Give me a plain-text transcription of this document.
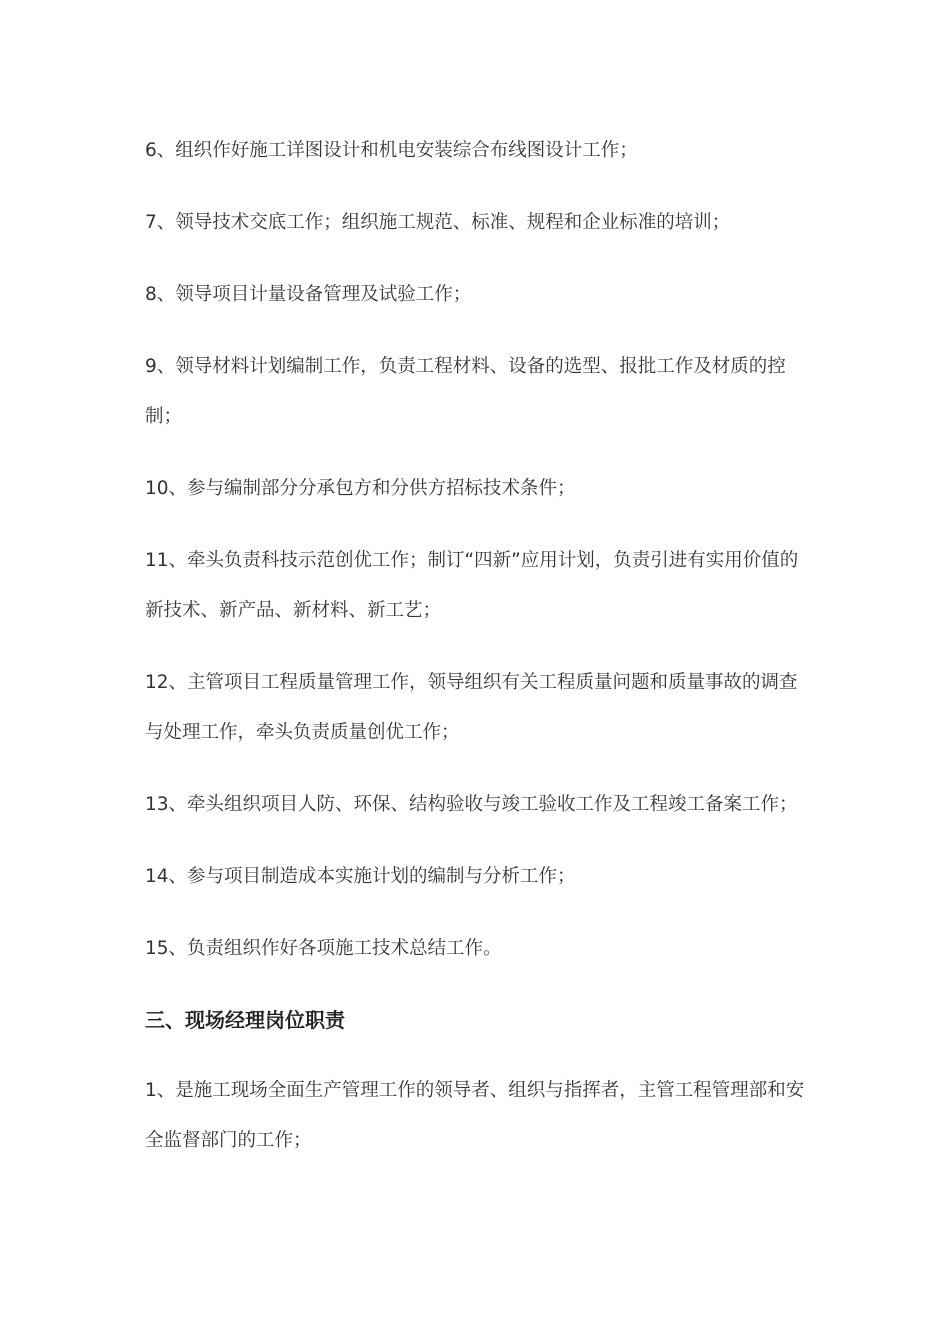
6、组织作好施工详图设计和机电安装综合布线图设计工作；

7、领导技术交底工作；组织施工规范、标准、规程和企业标准的培训；

8、领导项目计量设备管理及试验工作；

9、领导材料计划编制工作，负责工程材料、设备的选型、报批工作及材质的控制；

10、参与编制部分分承包方和分供方招标技术条件；

11、牵头负责科技示范创优工作；制订“四新”应用计划，负责引进有实用价值的新技术、新产品、新材料、新工艺；

12、主管项目工程质量管理工作，领导组织有关工程质量问题和质量事故的调查与处理工作，牵头负责质量创优工作；

13、牵头组织项目人防、环保、结构验收与竣工验收工作及工程竣工备案工作；

14、参与项目制造成本实施计划的编制与分析工作；

15、负责组织作好各项施工技术总结工作。

三、现场经理岗位职责

1、是施工现场全面生产管理工作的领导者、组织与指挥者，主管工程管理部和安全监督部门的工作；
